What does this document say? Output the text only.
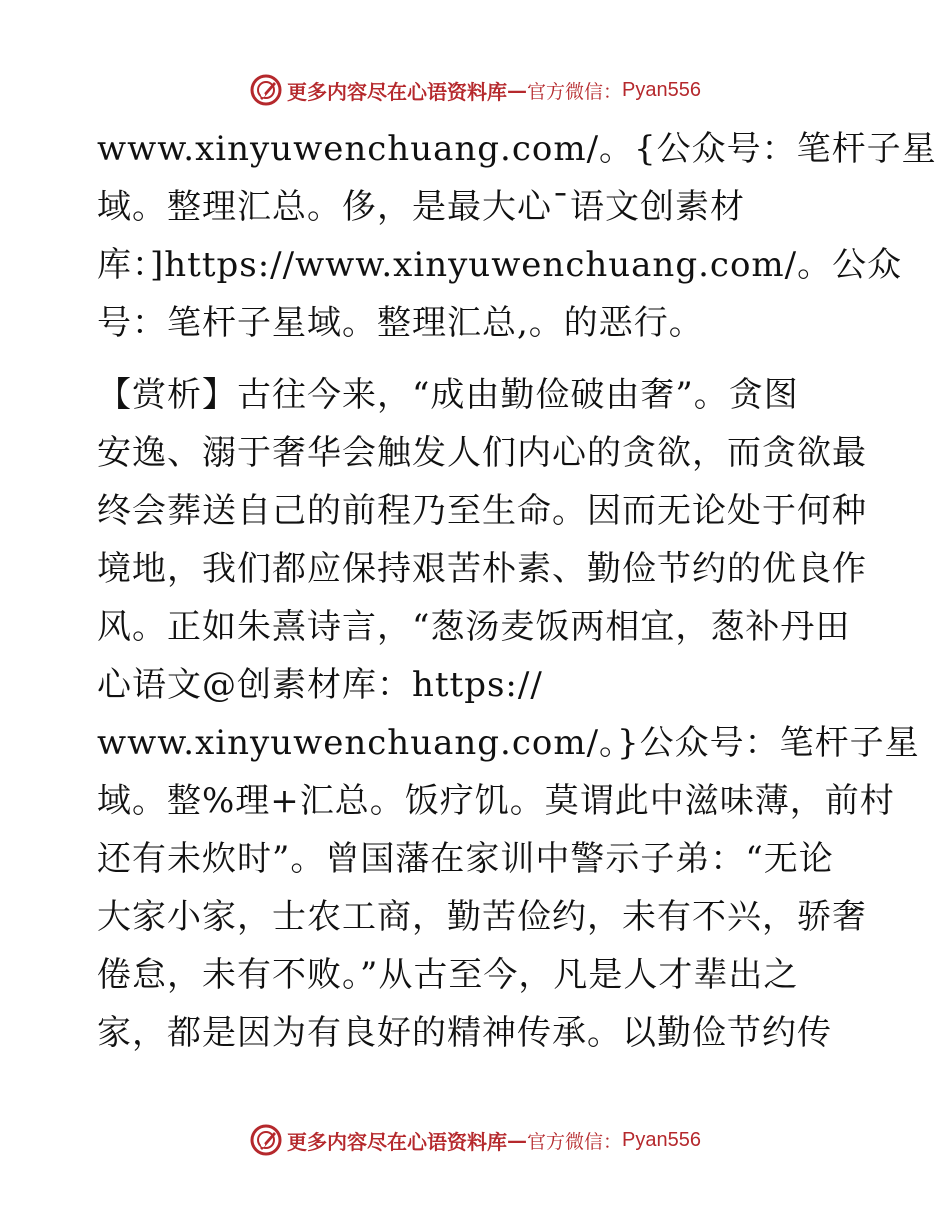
更多内容尽在心语资料库 — 官方微信： Pyan556
www.xinyuwenchuang.com/。{公众号：笔杆子星
域。整理汇总。侈，是最大心¯语文创素材
库：]https://www.xinyuwenchuang.com/。公众
号：笔杆子星域。整理汇总,。的恶行。
【赏析】古往今来，“成由勤俭破由奢”。贪图
安逸、溺于奢华会触发人们内心的贪欲，而贪欲最
终会葬送自己的前程乃至生命。因而无论处于何种
境地，我们都应保持艰苦朴素、勤俭节约的优良作
风。正如朱熹诗言，“葱汤麦饭两相宜，葱补丹田
心语文@创素材库：https://
www.xinyuwenchuang.com/。}公众号：笔杆子星
域。整%理+汇总。饭疗饥。莫谓此中滋味薄，前村
还有未炊时”。曾国藩在家训中警示子弟：“无论
大家小家，士农工商，勤苦俭约，未有不兴，骄奢
倦怠，未有不败。”从古至今，凡是人才辈出之
家，都是因为有良好的精神传承。以勤俭节约传
更多内容尽在心语资料库 — 官方微信： Pyan556
